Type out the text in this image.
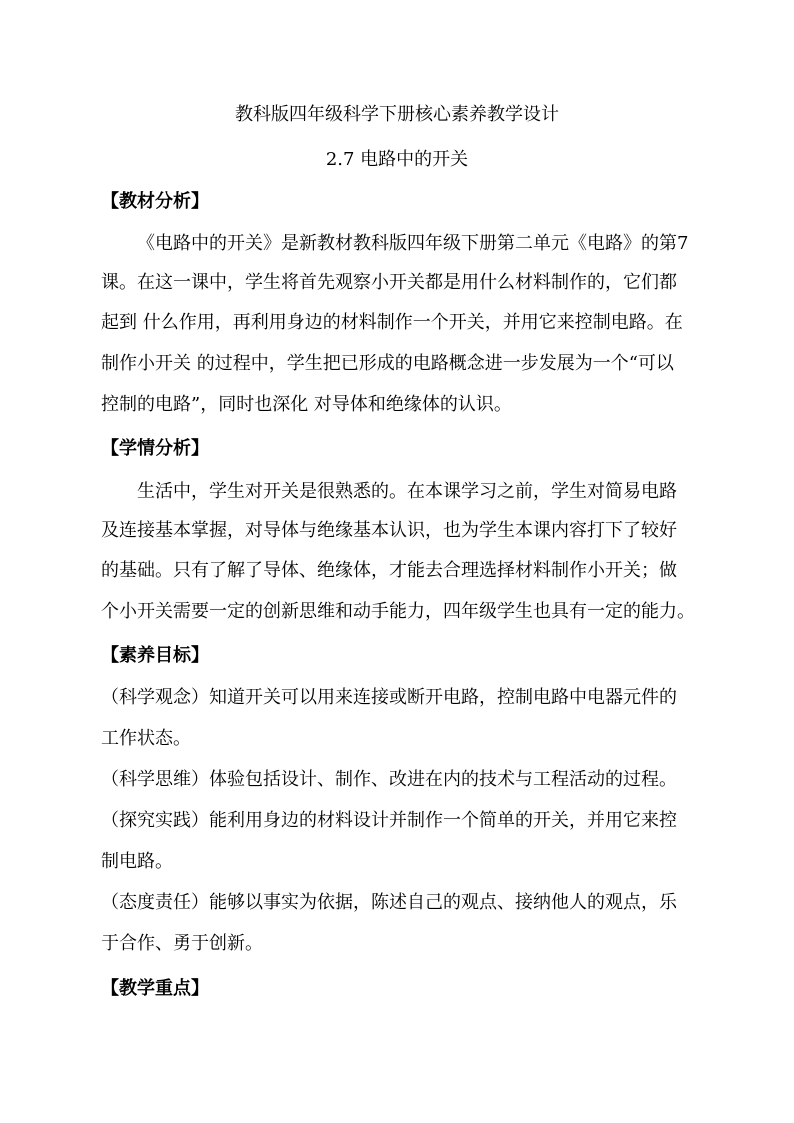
教科版四年级科学下册核心素养教学设计
2.7 电路中的开关
【教材分析】
《电路中的开关》是新教材教科版四年级下册第二单元《电路》的第7
课。在这一课中，学生将首先观察小开关都是用什么材料制作的，它们都
起到 什么作用，再利用身边的材料制作一个开关，并用它来控制电路。在
制作小开关 的过程中，学生把已形成的电路概念进一步发展为一个“可以
控制的电路”，同时也深化 对导体和绝缘体的认识。
【学情分析】
生活中，学生对开关是很熟悉的。在本课学习之前，学生对简易电路
及连接基本掌握，对导体与绝缘基本认识，也为学生本课内容打下了较好
的基础。只有了解了导体、绝缘体，才能去合理选择材料制作小开关；做
个小开关需要一定的创新思维和动手能力，四年级学生也具有一定的能力。
【素养目标】
（科学观念）知道开关可以用来连接或断开电路，控制电路中电器元件的
工作状态。
（科学思维）体验包括设计、制作、改进在内的技术与工程活动的过程。
（探究实践）能利用身边的材料设计并制作一个简单的开关，并用它来控
制电路。
（态度责任）能够以事实为依据，陈述自己的观点、接纳他人的观点，乐
于合作、勇于创新。
【教学重点】
